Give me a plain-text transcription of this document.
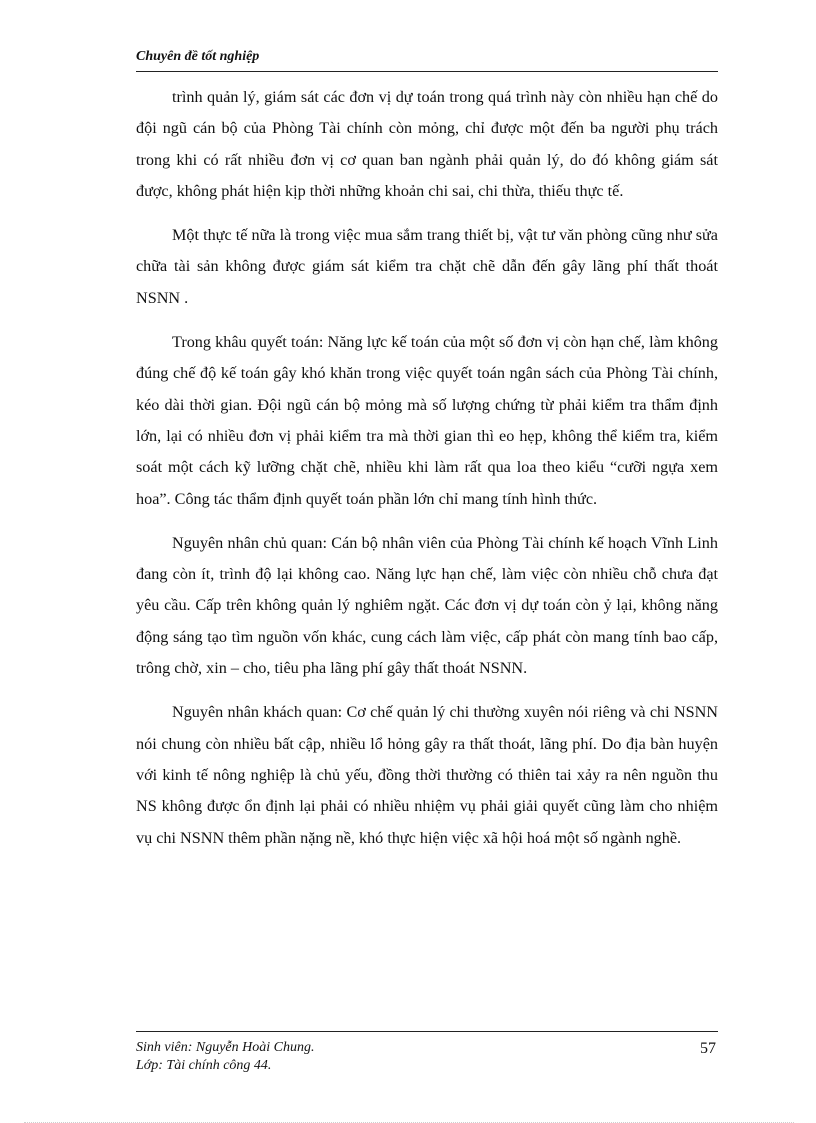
Chuyên đề tốt nghiệp

trình quản lý, giám sát các đơn vị dự toán trong quá trình này còn nhiều hạn chế do đội ngũ cán bộ của Phòng Tài chính còn mỏng, chỉ được một đến ba người phụ trách trong khi có rất nhiều đơn vị cơ quan ban ngành phải quản lý, do đó không giám sát được, không phát hiện kịp thời những khoản chi sai, chi thừa, thiếu thực tế.

Một thực tế nữa là trong việc mua sắm trang thiết bị, vật tư văn phòng cũng như sửa chữa tài sản không được giám sát kiểm tra chặt chẽ dẫn đến gây lãng phí thất thoát NSNN .

Trong khâu quyết toán: Năng lực kế toán của một số đơn vị còn hạn chế, làm không đúng chế độ kế toán gây khó khăn trong việc quyết toán ngân sách của Phòng Tài chính, kéo dài thời gian. Đội ngũ cán bộ mỏng mà số lượng chứng từ phải kiểm tra thẩm định lớn, lại có nhiều đơn vị phải kiểm tra mà thời gian thì eo hẹp, không thể kiểm tra, kiểm soát một cách kỹ lưỡng chặt chẽ, nhiều khi làm rất qua loa theo kiểu “cưỡi ngựa xem hoa”. Công tác thẩm định quyết toán phần lớn chỉ mang tính hình thức.

Nguyên nhân chủ quan: Cán bộ nhân viên của Phòng Tài chính kế hoạch Vĩnh Linh đang còn ít, trình độ lại không cao. Năng lực hạn chế, làm việc còn nhiều chỗ chưa đạt yêu cầu. Cấp trên không quản lý nghiêm ngặt. Các đơn vị dự toán còn ỷ lại, không năng động sáng tạo tìm nguồn vốn khác, cung cách làm việc, cấp phát còn mang tính bao cấp, trông chờ, xin – cho, tiêu pha lãng phí gây thất thoát NSNN.

Nguyên nhân khách quan: Cơ chế quản lý chi thường xuyên nói riêng và chi NSNN nói chung còn nhiều bất cập, nhiều lổ hỏng gây ra thất thoát, lãng phí. Do địa bàn huyện với kinh tế nông nghiệp là chủ yếu, đồng thời thường có thiên tai xảy ra nên nguồn thu NS không được ổn định lại phải có nhiều nhiệm vụ phải giải quyết cũng làm cho nhiệm vụ chi NSNN thêm phần nặng nề, khó thực hiện việc xã hội hoá một số ngành nghề.

Sinh viên: Nguyễn Hoài Chung.
Lớp: Tài chính công 44.
57
